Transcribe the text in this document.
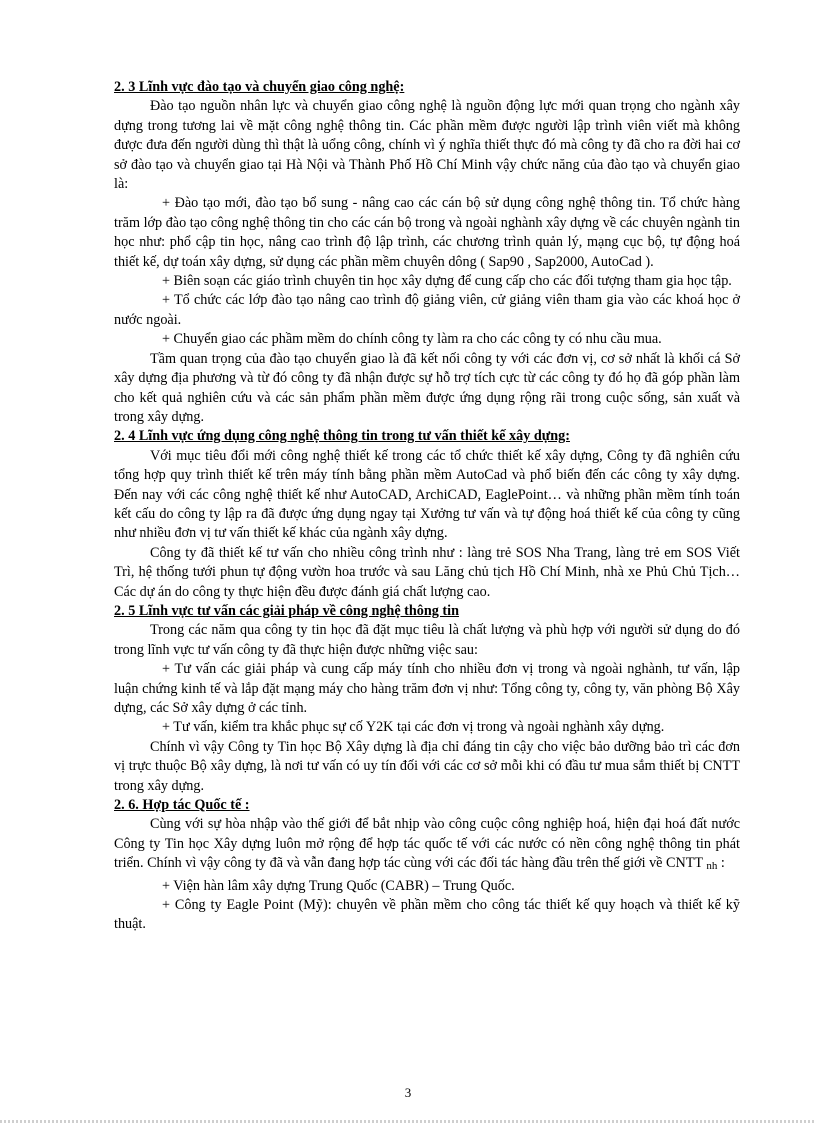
2. 3 Lĩnh vực đào tạo và chuyển giao công nghệ:

Đào tạo nguồn nhân lực và chuyển giao công nghệ là nguồn động lực mới quan trọng cho ngành xây dựng trong tương lai về mặt công nghệ thông tin. Các phần mềm được người lập trình viên viết mà không được đưa đến người dùng thì thật là uổng công, chính vì ý nghĩa thiết thực đó mà công ty đã cho ra đời hai cơ sở đào tạo và chuyển giao tại Hà Nội và Thành Phố Hồ Chí Minh vậy chức năng của đào tạo và chuyển giao là:

+ Đào tạo mới, đào tạo bổ sung - nâng cao các cán bộ sử dụng công nghệ thông tin. Tổ chức hàng trăm lớp đào tạo công nghệ thông tin cho các cán bộ trong và ngoài nghành xây dựng về các chuyên ngành tin học như: phổ cập tin học, nâng cao trình độ lập trình, các chương trình quản lý, mạng cục bộ, tự động hoá thiết kế, dự toán xây dựng, sử dụng các phần mềm chuyên dông ( Sap90 , Sap2000, AutoCad ).

+ Biên soạn các giáo trình chuyên tin học xây dựng để cung cấp cho các đối tượng tham gia học tập.

+ Tổ chức các lớp đào tạo nâng cao trình độ giảng viên, cử giảng viên tham gia vào các khoá học ở nước ngoài.

+ Chuyển giao các phầm mềm do chính công ty làm ra cho các công ty có nhu cầu mua.

Tầm quan trọng của đào tạo chuyển giao là đã kết nối công ty với các đơn vị, cơ sở nhất là khối cá Sở xây dựng địa phương và từ đó công ty đã nhận được sự hỗ trợ tích cực từ các công ty đó họ đã góp phần làm cho kết quả nghiên cứu và các sản phẩm phần mềm được ứng dụng rộng rãi trong cuộc sống, sản xuất và trong xây dựng.

2. 4 Lĩnh vực ứng dụng công nghệ thông tin trong tư vấn thiết kế xây dựng:

Với mục tiêu đổi mới công nghệ thiết kế trong các tổ chức thiết kế xây dựng, Công ty đã nghiên cứu tổng hợp quy trình thiết kế trên máy tính bằng phần mềm AutoCad và phổ biến đến các công ty xây dựng. Đến nay với các công nghệ thiết kế như AutoCAD, ArchiCAD, EaglePoint… và những phần mềm tính toán kết cấu do công ty lập ra đã được ứng dụng ngay tại Xưởng tư vấn và tự động hoá thiết kế của công ty cũng như nhiều đơn vị tư vấn thiết kế khác của ngành xây dựng.

Công ty đã thiết kế tư vấn cho nhiều công trình như : làng trẻ SOS Nha Trang, làng trẻ em SOS Viết Trì, hệ thống tưới phun tự động vườn hoa trước và sau Lăng chủ tịch Hồ Chí Minh, nhà xe Phủ Chủ Tịch… Các dự án do công ty thực hiện đều được đánh giá chất lượng cao.

2. 5 Lĩnh vực tư vấn các giải pháp về công nghệ thông tin

Trong các năm qua công ty tin học đã đặt mục tiêu là chất lượng và phù hợp với người sử dụng do đó trong lĩnh vực tư vấn công ty đã thực hiện được những việc sau:

+ Tư vấn các giải pháp và cung cấp máy tính cho nhiều đơn vị trong và ngoài nghành, tư vấn, lập luận chứng kinh tế và lắp đặt mạng máy cho hàng trăm đơn vị như: Tổng công ty, công ty, văn phòng Bộ Xây dựng, các Sở xây dựng ở các tỉnh.

+ Tư vấn, kiểm tra khắc phục sự cố Y2K tại các đơn vị trong và ngoài nghành xây dựng.

Chính vì vậy Công ty Tin học Bộ Xây dựng là địa chỉ đáng tin cậy cho việc bảo dưỡng bảo trì các đơn vị trực thuộc Bộ xây dựng, là nơi tư vấn có uy tín đối với các cơ sở mỗi khi có đầu tư mua sắm thiết bị CNTT trong xây dựng.

2. 6. Hợp tác Quốc tế :

Cùng với sự hòa nhập vào thế giới để bắt nhịp vào công cuộc công nghiệp hoá, hiện đại hoá đất nước Công ty Tin học Xây dựng luôn mở rộng để hợp tác quốc tế với các nước có nền công nghệ thông tin phát triển. Chính vì vậy công ty đã và vẫn đang hợp tác cùng với các đối tác hàng đầu trên thế giới về CNTT $_{nh}$ :

+ Viện hàn lâm xây dựng Trung Quốc (CABR) – Trung Quốc.

+ Công ty Eagle Point (Mỹ): chuyên về phần mềm cho công tác thiết kế quy hoạch và thiết kế kỹ thuật.

3
